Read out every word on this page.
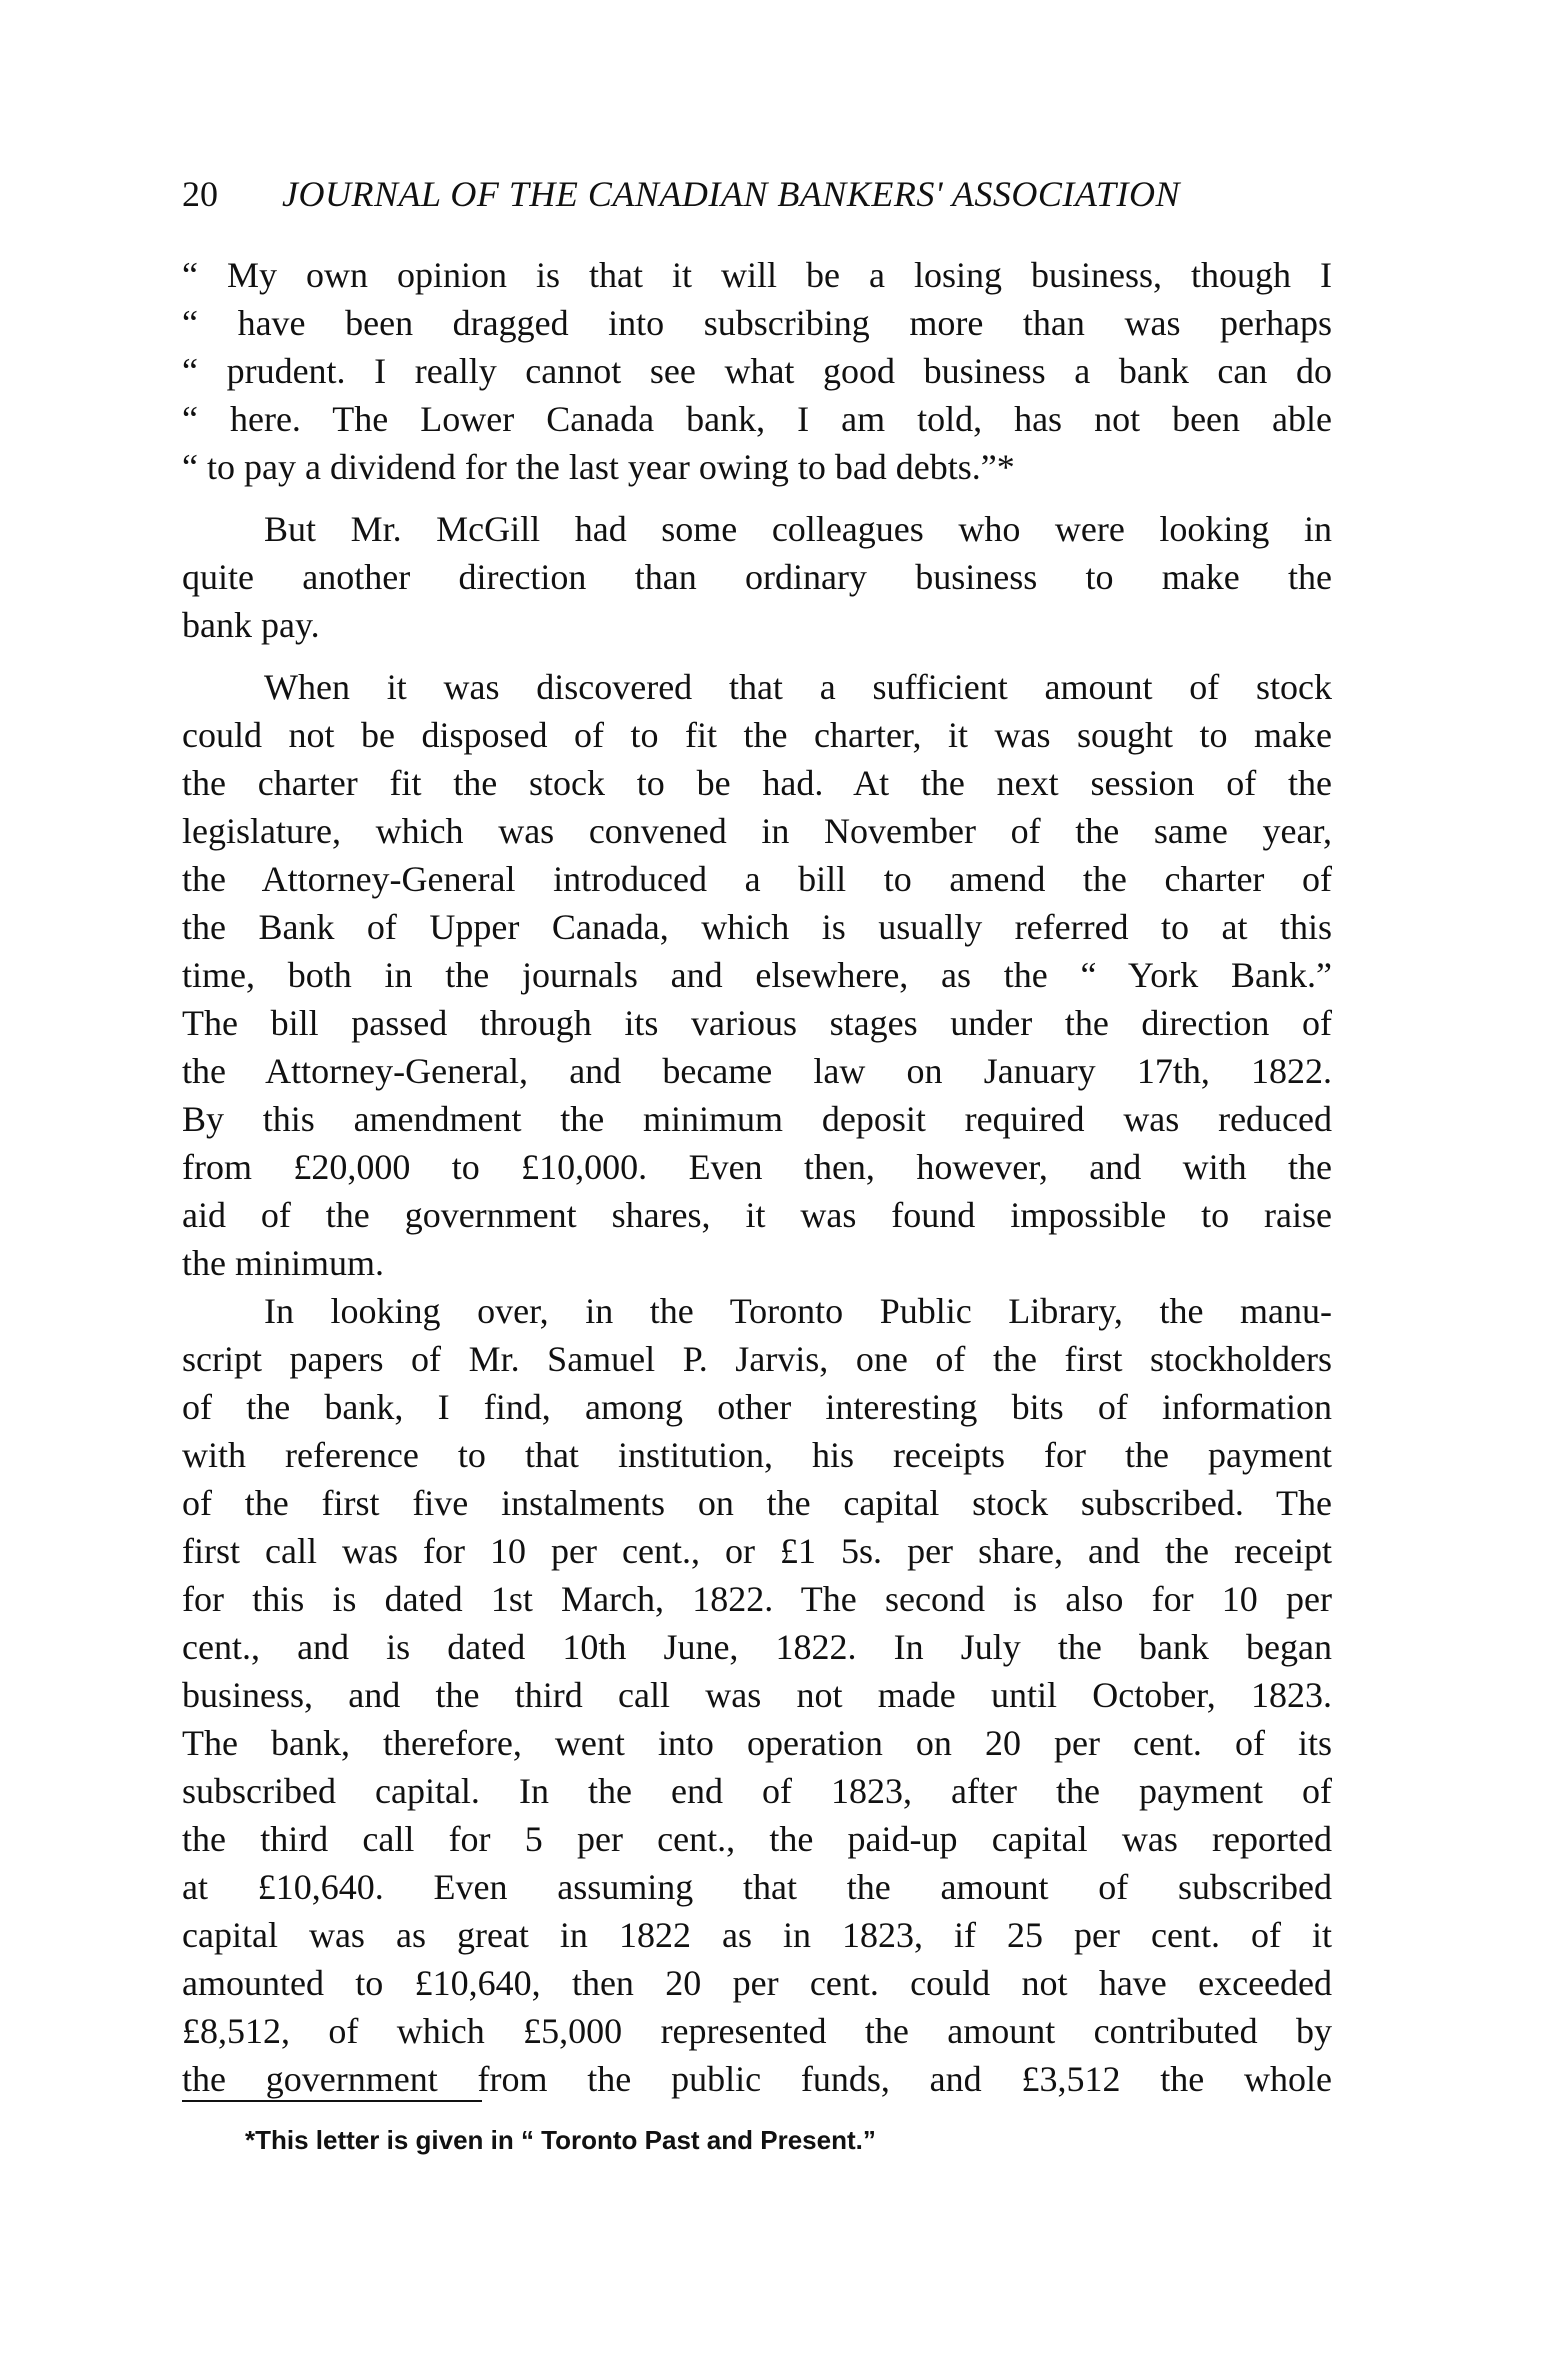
20 JOURNAL OF THE CANADIAN BANKERS' ASSOCIATION
“ My own opinion is that it will be a losing business, though I
“ have been dragged into subscribing more than was perhaps
“ prudent. I really cannot see what good business a bank can do
“ here. The Lower Canada bank, I am told, has not been able
“ to pay a dividend for the last year owing to bad debts.”*
But Mr. McGill had some colleagues who were looking in
quite another direction than ordinary business to make the
bank pay.
When it was discovered that a sufficient amount of stock
could not be disposed of to fit the charter, it was sought to make
the charter fit the stock to be had. At the next session of the
legislature, which was convened in November of the same year,
the Attorney-General introduced a bill to amend the charter of
the Bank of Upper Canada, which is usually referred to at this
time, both in the journals and elsewhere, as the “ York Bank.”
The bill passed through its various stages under the direction of
the Attorney-General, and became law on January 17th, 1822.
By this amendment the minimum deposit required was reduced
from £20,000 to £10,000. Even then, however, and with the
aid of the government shares, it was found impossible to raise
the minimum.
In looking over, in the Toronto Public Library, the manu-
script papers of Mr. Samuel P. Jarvis, one of the first stockholders
of the bank, I find, among other interesting bits of information
with reference to that institution, his receipts for the payment
of the first five instalments on the capital stock subscribed. The
first call was for 10 per cent., or £1 5s. per share, and the receipt
for this is dated 1st March, 1822. The second is also for 10 per
cent., and is dated 10th June, 1822. In July the bank began
business, and the third call was not made until October, 1823.
The bank, therefore, went into operation on 20 per cent. of its
subscribed capital. In the end of 1823, after the payment of
the third call for 5 per cent., the paid-up capital was reported
at £10,640. Even assuming that the amount of subscribed
capital was as great in 1822 as in 1823, if 25 per cent. of it
amounted to £10,640, then 20 per cent. could not have exceeded
£8,512, of which £5,000 represented the amount contributed by
the government from the public funds, and £3,512 the whole
*This letter is given in “ Toronto Past and Present.”
